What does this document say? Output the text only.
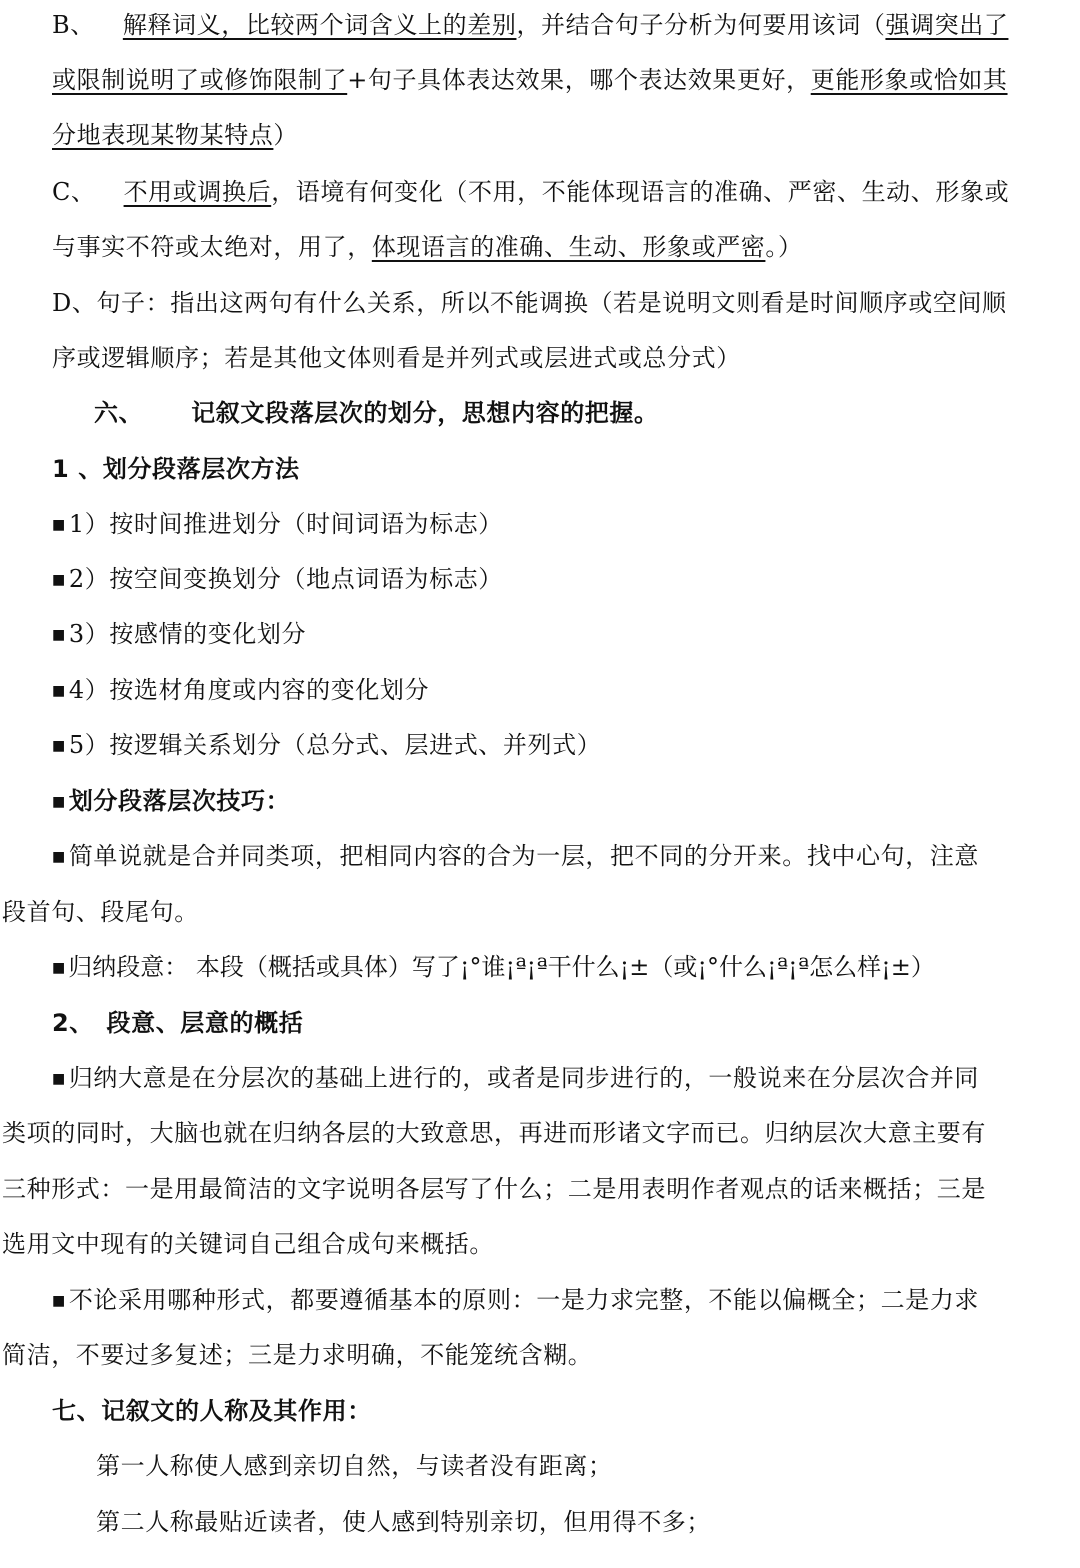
B、 解释词义，比较两个词含义上的差别，并结合句子分析为何要用该词（强调突出了
或限制说明了或修饰限制了+句子具体表达效果，哪个表达效果更好，更能形象或恰如其
分地表现某物某特点）
C、 不用或调换后，语境有何变化（不用，不能体现语言的准确、严密、生动、形象或
与事实不符或太绝对，用了，体现语言的准确、生动、形象或严密。）
D、句子：指出这两句有什么关系，所以不能调换（若是说明文则看是时间顺序或空间顺
序或逻辑顺序；若是其他文体则看是并列式或层进式或总分式）
六、 记叙文段落层次的划分，思想内容的把握。
1 、划分段落层次方法
■ 1）按时间推进划分（时间词语为标志）
■ 2）按空间变换划分（地点词语为标志）
■ 3）按感情的变化划分
■ 4）按选材角度或内容的变化划分
■ 5）按逻辑关系划分（总分式、层进式、并列式）
■ 划分段落层次技巧：
■ 简单说就是合并同类项，把相同内容的合为一层，把不同的分开来。找中心句，注意
段首句、段尾句。
■ 归纳段意： 本段（概括或具体）写了¡°谁¡ª¡ª干什么¡±（或¡°什么¡ª¡ª怎么样¡±）
2、　段意、层意的概括
■ 归纳大意是在分层次的基础上进行的，或者是同步进行的，一般说来在分层次合并同
类项的同时，大脑也就在归纳各层的大致意思，再进而形诸文字而已。归纳层次大意主要有
三种形式：一是用最简洁的文字说明各层写了什么；二是用表明作者观点的话来概括；三是
选用文中现有的关键词自己组合成句来概括。
■ 不论采用哪种形式，都要遵循基本的原则：一是力求完整，不能以偏概全；二是力求
简洁，不要过多复述；三是力求明确，不能笼统含糊。
七、记叙文的人称及其作用：
第一人称使人感到亲切自然，与读者没有距离；
第二人称最贴近读者，使人感到特别亲切，但用得不多；
